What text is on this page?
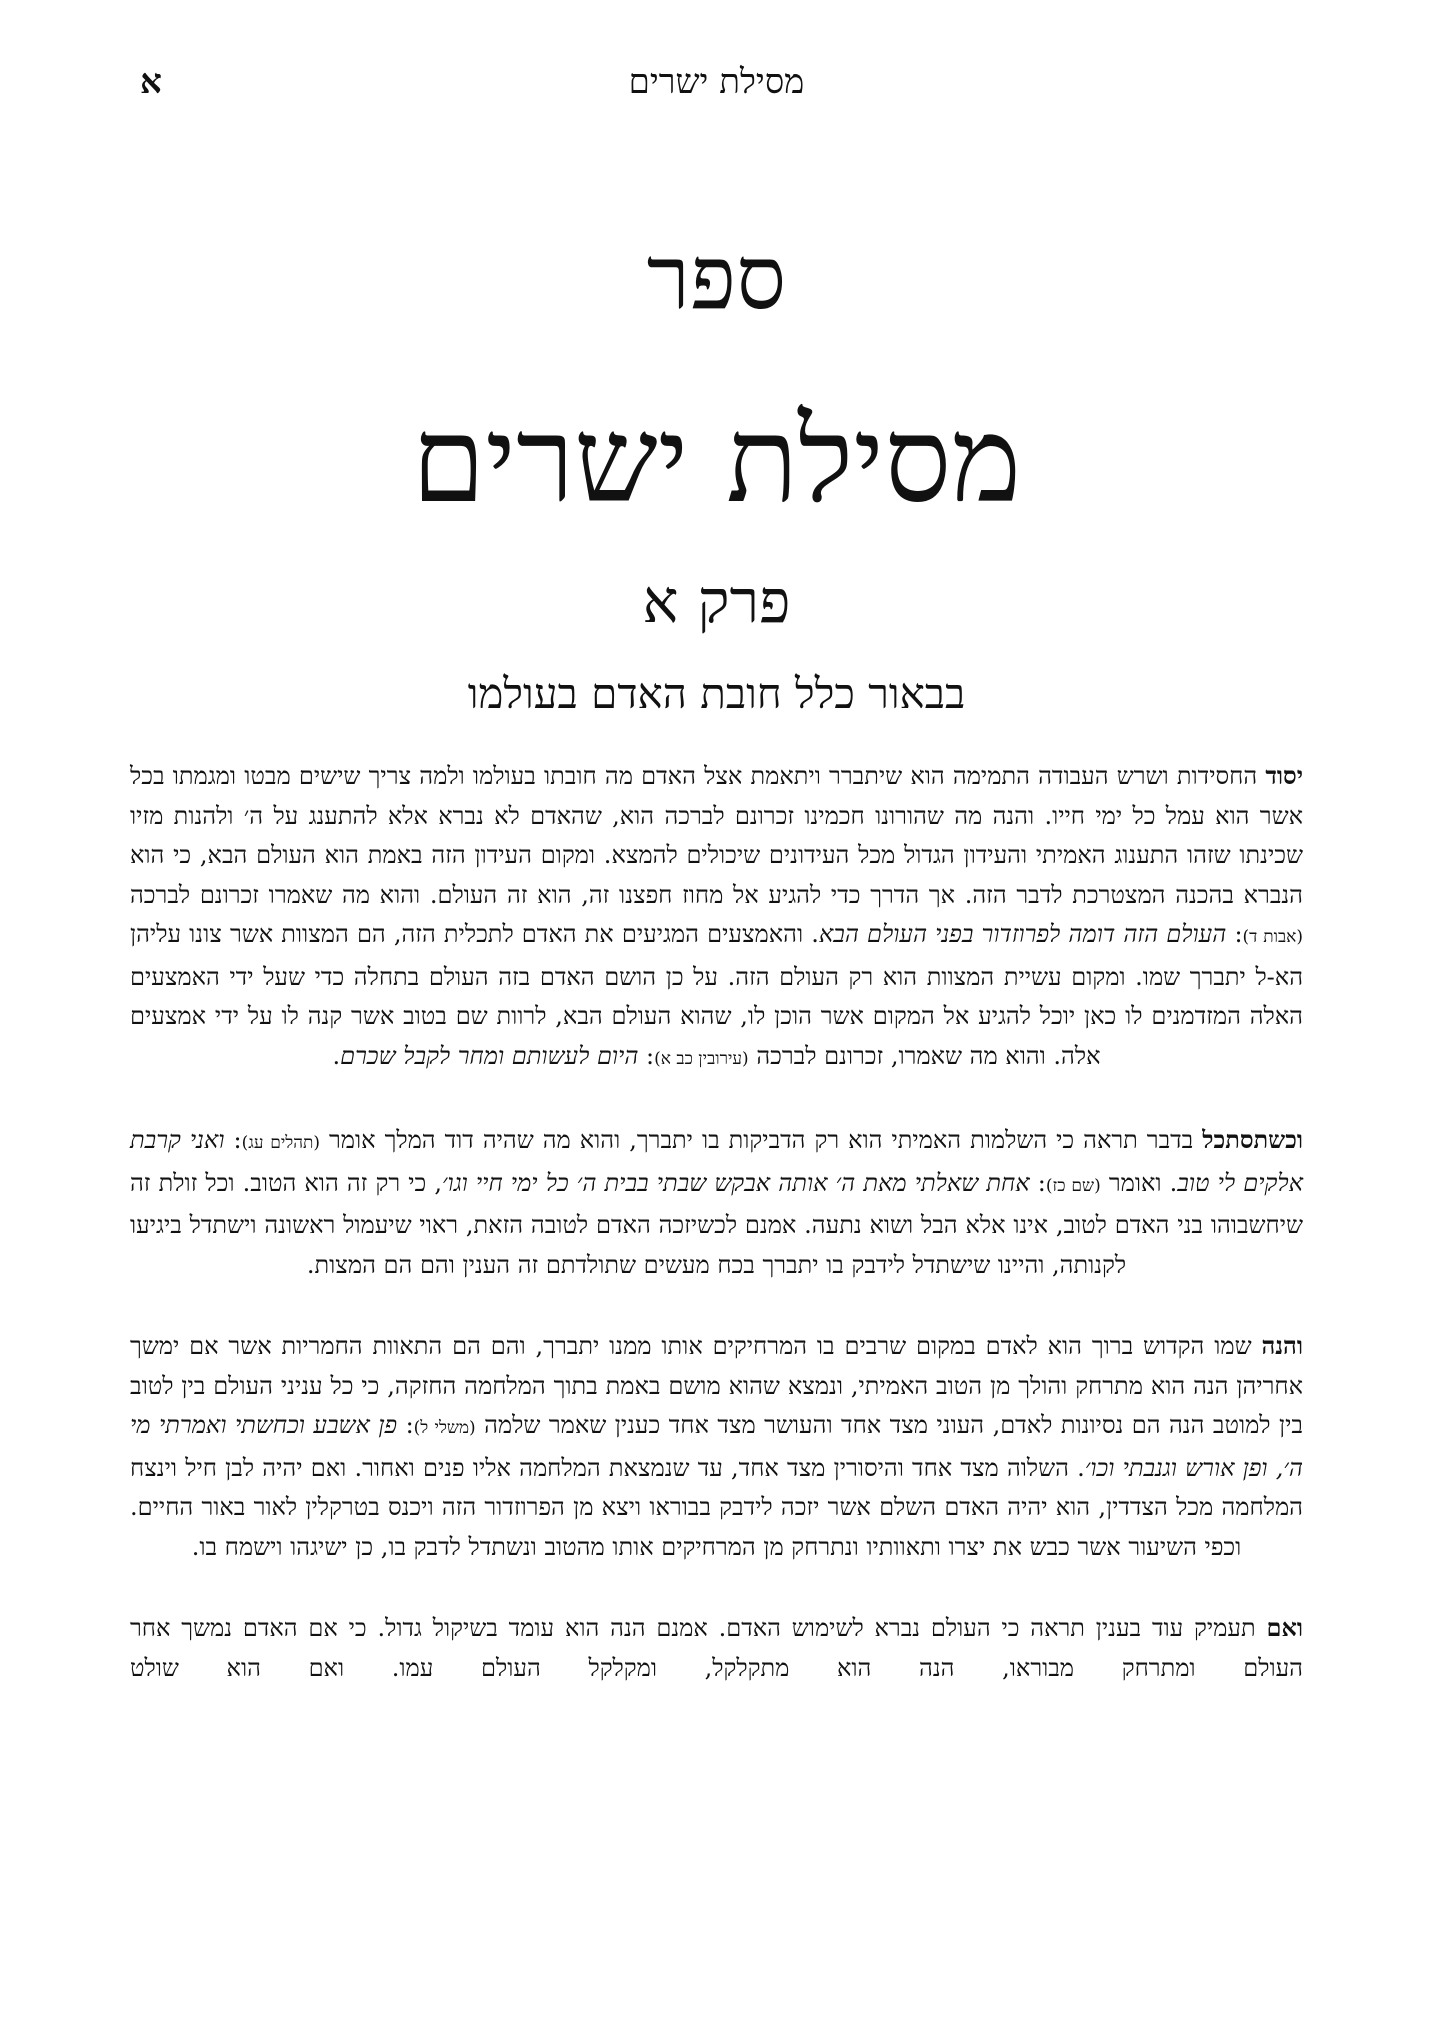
מסילת ישרים
א
ספר
מסילת ישרים
פרק א
בבאור כלל חובת האדם בעולמו

יסוד החסידות ושרש העבודה התמימה הוא שיתברר ויתאמת אצל האדם מה חובתו בעולמו ולמה צריך שישים מבטו ומגמתו בכל אשר הוא עמל כל ימי חייו. והנה מה שהורונו חכמינו זכרונם לברכה הוא, שהאדם לא נברא אלא להתענג על ה׳ ולהנות מזיו שכינתו שזהו התענוג האמיתי והעידון הגדול מכל העידונים שיכולים להמצא. ומקום העידון הזה באמת הוא העולם הבא, כי הוא הנברא בהכנה המצטרכת לדבר הזה. אך הדרך כדי להגיע אל מחוז חפצנו זה, הוא זה העולם. והוא מה שאמרו זכרונם לברכה (אבות ד): העולם הזה דומה לפרוזדור בפני העולם הבא. והאמצעים המגיעים את האדם לתכלית הזה, הם המצוות אשר צונו עליהן הא-ל יתברך שמו. ומקום עשיית המצוות הוא רק העולם הזה. על כן הושם האדם בזה העולם בתחלה כדי שעל ידי האמצעים האלה המזדמנים לו כאן יוכל להגיע אל המקום אשר הוכן לו, שהוא העולם הבא, לרוות שם בטוב אשר קנה לו על ידי אמצעים אלה. והוא מה שאמרו, זכרונם לברכה (עירובין כב א): היום לעשותם ומחר לקבל שכרם.

וכשתסתכל בדבר תראה כי השלמות האמיתי הוא רק הדביקות בו יתברך, והוא מה שהיה דוד המלך אומר (תהלים עג): ואני קרבת אלקים לי טוב. ואומר (שם כז): אחת שאלתי מאת ה׳ אותה אבקש שבתי בבית ה׳ כל ימי חיי וגו׳, כי רק זה הוא הטוב. וכל זולת זה שיחשבוהו בני האדם לטוב, אינו אלא הבל ושוא נתעה. אמנם לכשיזכה האדם לטובה הזאת, ראוי שיעמול ראשונה וישתדל ביגיעו לקנותה, והיינו שישתדל לידבק בו יתברך בכח מעשים שתולדתם זה הענין והם הם המצות.

והנה שמו הקדוש ברוך הוא לאדם במקום שרבים בו המרחיקים אותו ממנו יתברך, והם הם התאוות החמריות אשר אם ימשך אחריהן הנה הוא מתרחק והולך מן הטוב האמיתי, ונמצא שהוא מושם באמת בתוך המלחמה החזקה, כי כל עניני העולם בין לטוב בין למוטב הנה הם נסיונות לאדם, העוני מצד אחד והעושר מצד אחד כענין שאמר שלמה (משלי ל): פן אשבע וכחשתי ואמרתי מי ה׳, ופן אורש וגנבתי וכו׳. השלוה מצד אחד והיסורין מצד אחד, עד שנמצאת המלחמה אליו פנים ואחור. ואם יהיה לבן חיל וינצח המלחמה מכל הצדדין, הוא יהיה האדם השלם אשר יזכה לידבק בבוראו ויצא מן הפרוזדור הזה ויכנס בטרקלין לאור באור החיים. וכפי השיעור אשר כבש את יצרו ותאוותיו ונתרחק מן המרחיקים אותו מהטוב ונשתדל לדבק בו, כן ישיגהו וישמח בו.

ואם תעמיק עוד בענין תראה כי העולם נברא לשימוש האדם. אמנם הנה הוא עומד בשיקול גדול. כי אם האדם נמשך אחר העולם ומתרחק מבוראו, הנה הוא מתקלקל, ומקלקל העולם עמו. ואם הוא שולט
